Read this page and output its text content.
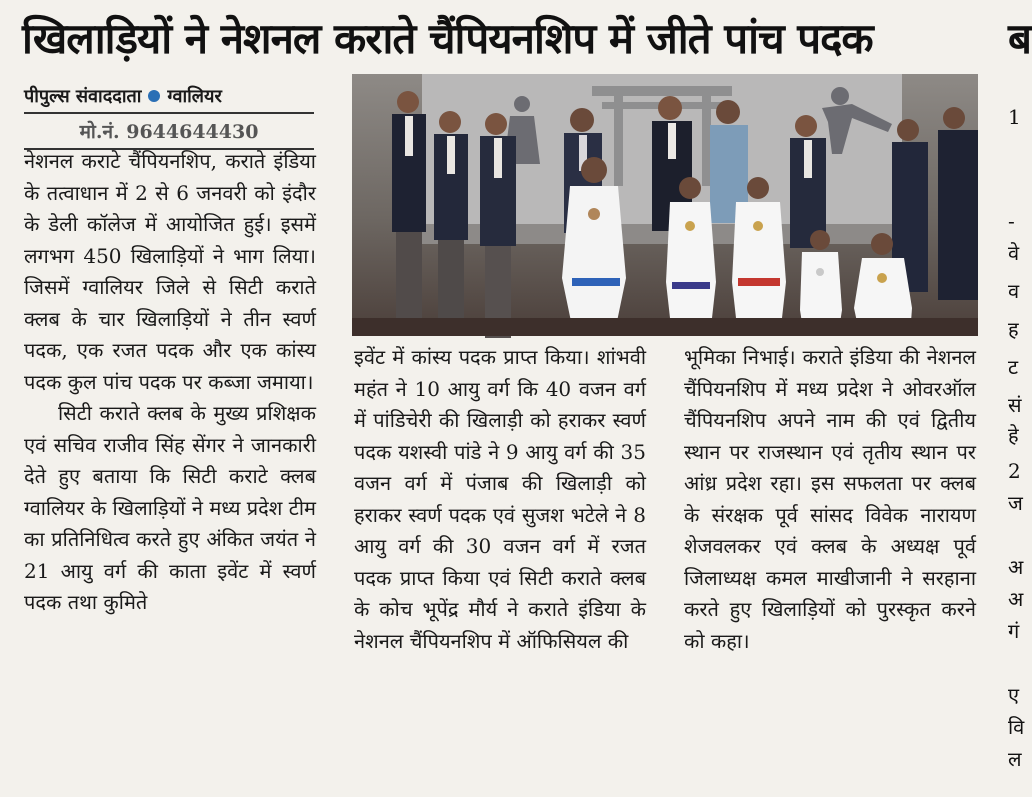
खिलाड़ियों ने नेशनल कराते चैंपियनशिप में जीते पांच पदक	ब
1
-
वे
व
ह
ट
सं
हे
2
ज
अ
अ
गं
ए
वि
ल
पीपुल्स संवाददाता ग्वालियर
मो.नं. 9644644430

नेशनल कराटे चैंपियनशिप, कराते इंडिया के तत्वाधान में 2 से 6 जनवरी को इंदौर के डेली कॉलेज में आयोजित हुई। इसमें लगभग 450 खिलाड़ियों ने भाग लिया। जिसमें ग्वालियर जिले से सिटी कराते क्लब के चार खिलाड़ियों ने तीन स्वर्ण पदक, एक रजत पदक और एक कांस्य पदक कुल पांच पदक पर कब्जा जमाया।

सिटी कराते क्लब के मुख्य प्रशिक्षक एवं सचिव राजीव सिंह सेंगर ने जानकारी देते हुए बताया कि सिटी कराटे क्लब ग्वालियर के खिलाड़ियों ने मध्य प्रदेश टीम का प्रतिनिधित्व करते हुए अंकित जयंत ने 21 आयु वर्ग की काता इवेंट में स्वर्ण पदक तथा कुमिते

इवेंट में कांस्य पदक प्राप्त किया। शांभवी महंत ने 10 आयु वर्ग कि 40 वजन वर्ग में पांडिचेरी की खिलाड़ी को हराकर स्वर्ण पदक यशस्वी पांडे ने 9 आयु वर्ग की 35 वजन वर्ग में पंजाब की खिलाड़ी को हराकर स्वर्ण पदक एवं सुजश भटेले ने 8 आयु वर्ग की 30 वजन वर्ग में रजत पदक प्राप्त किया एवं सिटी कराते क्लब के कोच भूपेंद्र मौर्य ने कराते इंडिया के नेशनल चैंपियनशिप में ऑफिसियल की

भूमिका निभाई। कराते इंडिया की नेशनल चैंपियनशिप में मध्य प्रदेश ने ओवरऑल चैंपियनशिप अपने नाम की एवं द्वितीय स्थान पर राजस्थान एवं तृतीय स्थान पर आंध्र प्रदेश रहा। इस सफलता पर क्लब के संरक्षक पूर्व सांसद विवेक नारायण शेजवलकर एवं क्लब के अध्यक्ष पूर्व जिलाध्यक्ष कमल माखीजानी ने सरहाना करते हुए खिलाड़ियों को पुरस्कृत करने को कहा।
